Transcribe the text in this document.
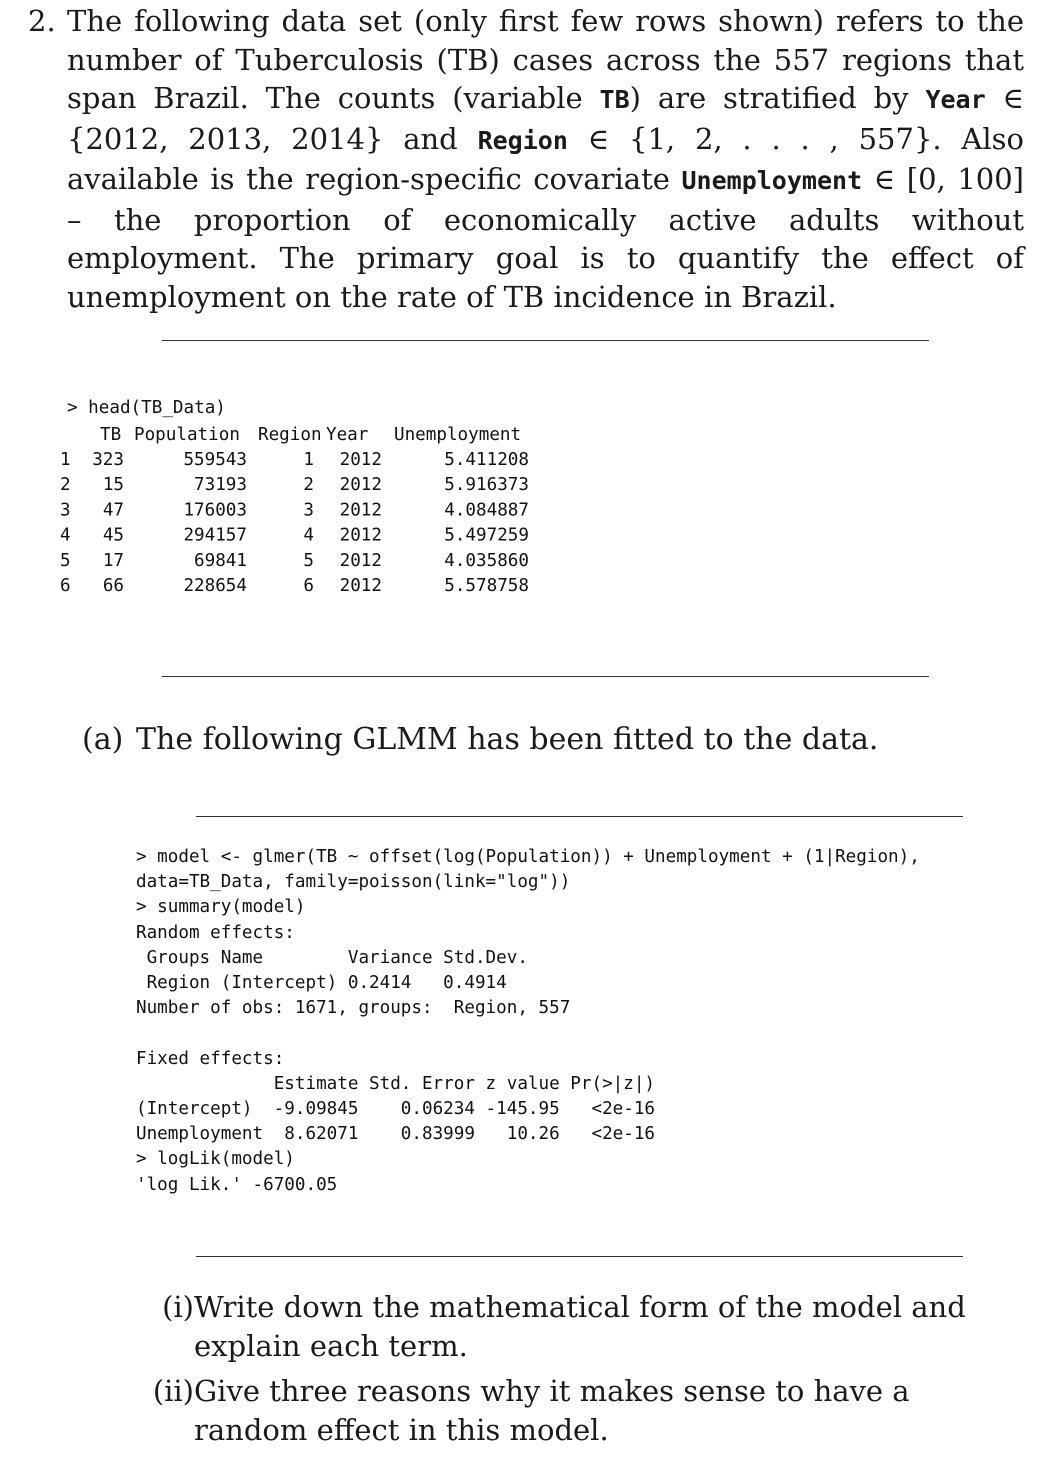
2. The following data set (only first few rows shown) refers to the number of Tuberculosis (TB) cases across the 557 regions that span Brazil. The counts (variable TB) are stratified by Year ∈ {2012, 2013, 2014} and Region ∈ {1, 2, . . . , 557}. Also available is the region-specific covariate Unemployment ∈ [0, 100] – the proportion of economically active adults without employment. The primary goal is to quantify the effect of unemployment on the rate of TB incidence in Brazil.
> head(TB_Data)
TB Population Region Year Unemployment
1 323	559543	1 2012	5.411208
2 15	73193	2 2012	5.916373
3 47	176003	3 2012	4.084887
4 45	294157	4 2012	5.497259
5 17	69841	5 2012	4.035860
6 66	228654	6 2012	5.578758
(a) The following GLMM has been fitted to the data.
> model <- glmer(TB ~ offset(log(Population)) + Unemployment + (1|Region),
data=TB_Data, family=poisson(link="log"))
> summary(model)
Random effects:
Groups Name        Variance Std.Dev.
Region (Intercept) 0.2414   0.4914
Number of obs: 1671, groups:  Region, 557

Fixed effects:
Estimate Std. Error z value Pr(>|z|)
(Intercept)  -9.09845    0.06234 -145.95   <2e-16
Unemployment  8.62071    0.83999   10.26   <2e-16
> logLik(model)
'log Lik.' -6700.05
(i) Write down the mathematical form of the model and explain each term.
(ii) Give three reasons why it makes sense to have a random effect in this model.
